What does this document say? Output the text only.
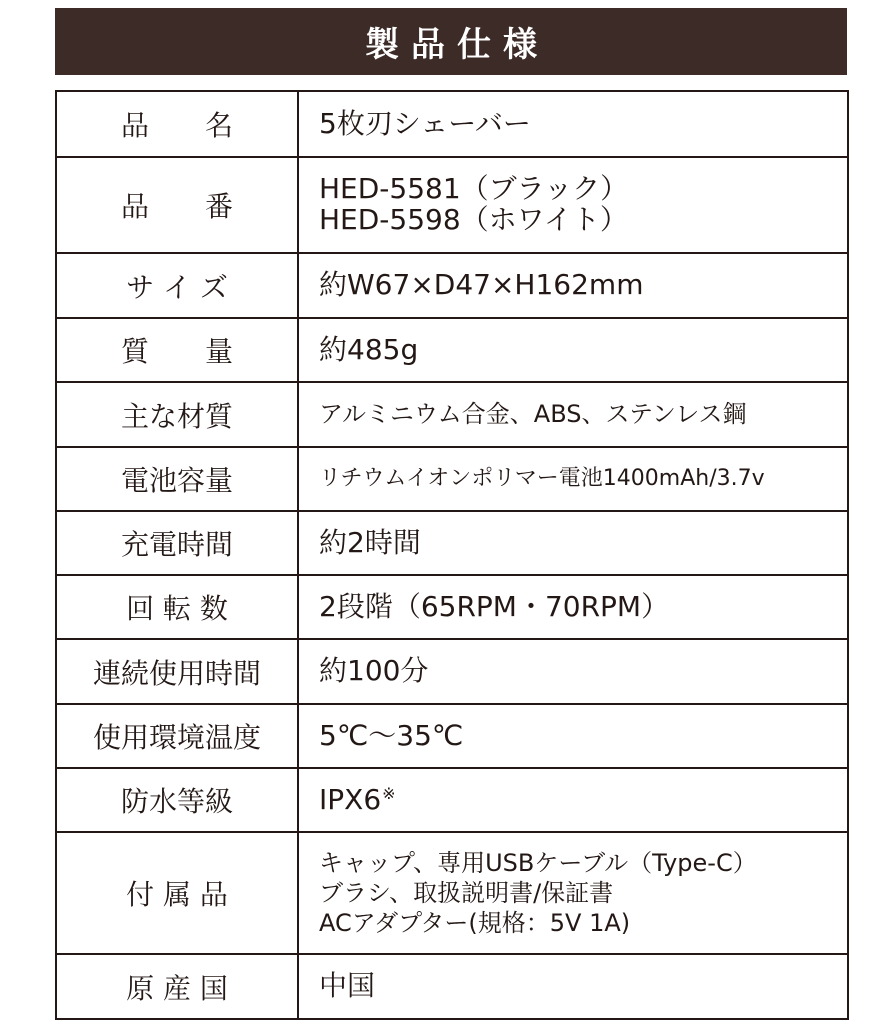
製品仕様
品　　名	5枚刃シェーバー

品　　番	HED-5581（ブラック）
HED-5598（ホワイト）

サ イ ズ	約W67×D47×H162mm

質　　量	約485g

主な材質	アルミニウム合金、ABS、ステンレス鋼

電池容量	リチウムイオンポリマー電池1400mAh/3.7v

充電時間	約2時間

回 転 数	2段階（65RPM・70RPM）

連続使用時間	約100分

使用環境温度	5℃～35℃

防水等級	IPX6※

付 属 品	キャップ、専用USBケーブル（Type-C）
ブラシ、取扱説明書/保証書
ACアダプター(規格：5V 1A)

原 産 国	中国
